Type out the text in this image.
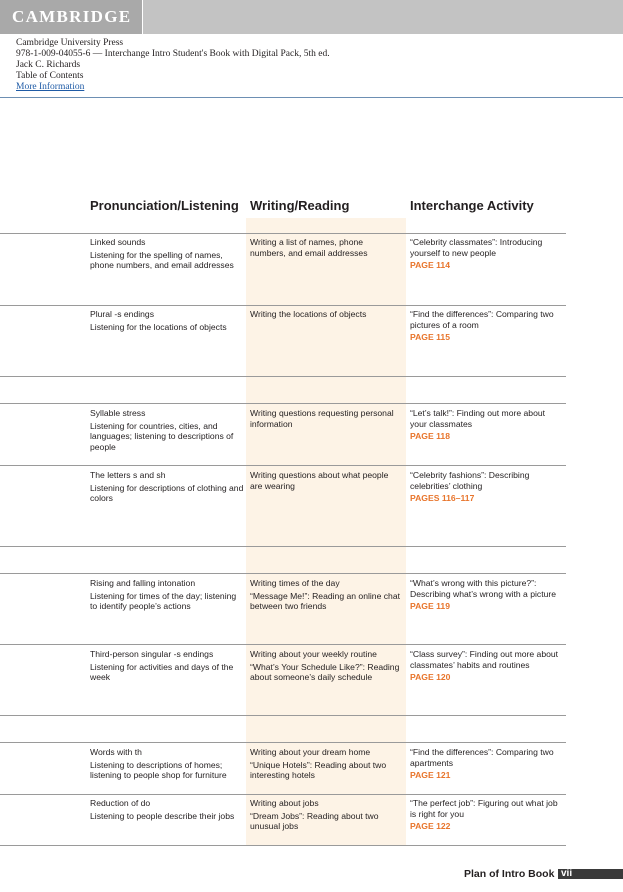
CAMBRIDGE
Cambridge University Press
978-1-009-04055-6 — Interchange Intro Student's Book with Digital Pack, 5th ed.
Jack C. Richards
Table of Contents
More Information
Pronunciation/Listening Writing/Reading	Interchange Activity
Linked sounds
Listening for the spelling of names, phone numbers, and email addresses
Writing a list of names, phone numbers, and email addresses
“Celebrity classmates”: Introducing yourself to new people
PAGE 114
Plural -s endings
Listening for the locations of objects
Writing the locations of objects	“Find the differences”: Comparing two pictures of a room
PAGE 115
Syllable stress
Listening for countries, cities, and languages; listening to descriptions of people
Writing questions requesting personal information
“Let’s talk!”: Finding out more about your classmates
PAGE 118
The letters s and sh
Listening for descriptions of clothing and colors
Writing questions about what people are wearing
“Celebrity fashions”: Describing celebrities’ clothing
PAGES 116–117
Rising and falling intonation
Listening for times of the day; listening to identify people’s actions
Writing times of the day
“Message Me!”: Reading an online chat between two friends
“What’s wrong with this picture?”: Describing what’s wrong with a picture
PAGE 119
Third-person singular -s endings
Listening for activities and days of the week
Writing about your weekly routine
“What’s Your Schedule Like?”: Reading about someone’s daily schedule
“Class survey”: Finding out more about classmates’ habits and routines
PAGE 120
Words with th
Listening to descriptions of homes; listening to people shop for furniture
Writing about your dream home
“Unique Hotels”: Reading about two interesting hotels
“Find the differences”: Comparing two apartments
PAGE 121
Reduction of do
Listening to people describe their jobs
Writing about jobs
“Dream Jobs”: Reading about two unusual jobs
“The perfect job”: Figuring out what job is right for you
PAGE 122
Plan of Intro Book vii
